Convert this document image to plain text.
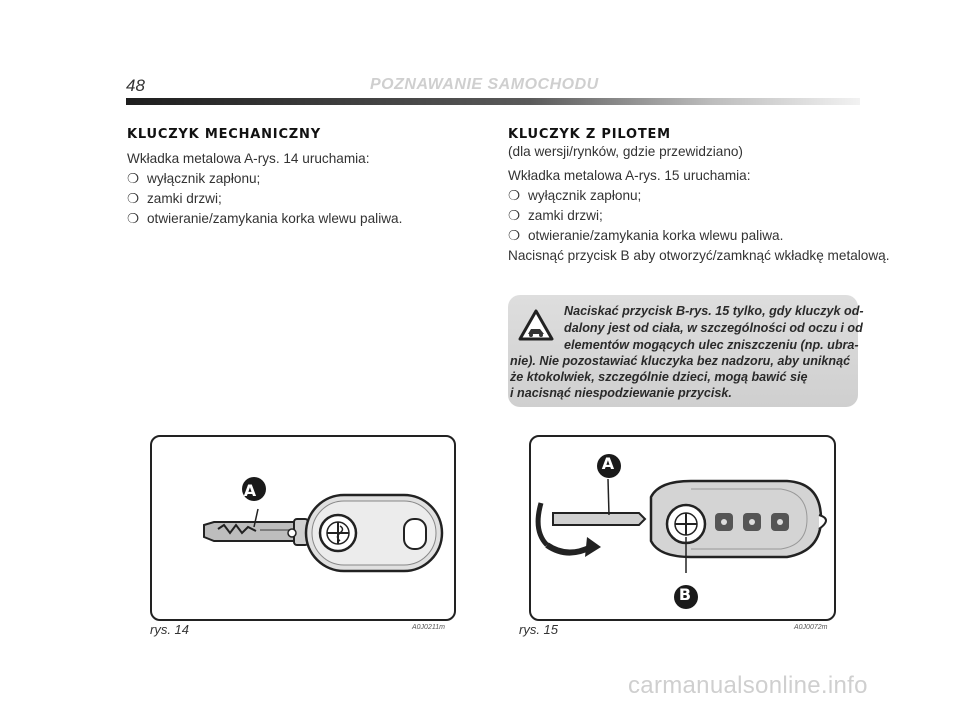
48	POZNAWANIE SAMOCHODU
KLUCZYK MECHANICZNY
Wkładka metalowa A-rys. 14 uruchamia:
❍ wyłącznik zapłonu;
❍ zamki drzwi;
❍ otwieranie/zamykania korka wlewu paliwa.
KLUCZYK Z PILOTEM
(dla wersji/rynków, gdzie przewidziano)
Wkładka metalowa A-rys. 15 uruchamia:
❍ wyłącznik zapłonu;
❍ zamki drzwi;
❍ otwieranie/zamykania korka wlewu paliwa.
Nacisnąć przycisk B aby otworzyć/zamknąć wkładkę metalową.
Naciskać przycisk B-rys. 15 tylko, gdy kluczyk od-
dalony jest od ciała, w szczególności od oczu i od
elementów mogących ulec zniszczeniu (np. ubra-
nie). Nie pozostawiać kluczyka bez nadzoru, aby uniknąć
że ktokolwiek, szczególnie dzieci, mogą bawić się
i nacisnąć niespodziewanie przycisk.
A
rys. 14	A0J0211m
A
B
rys. 15	A0J0072m
carmanualsonline.info
